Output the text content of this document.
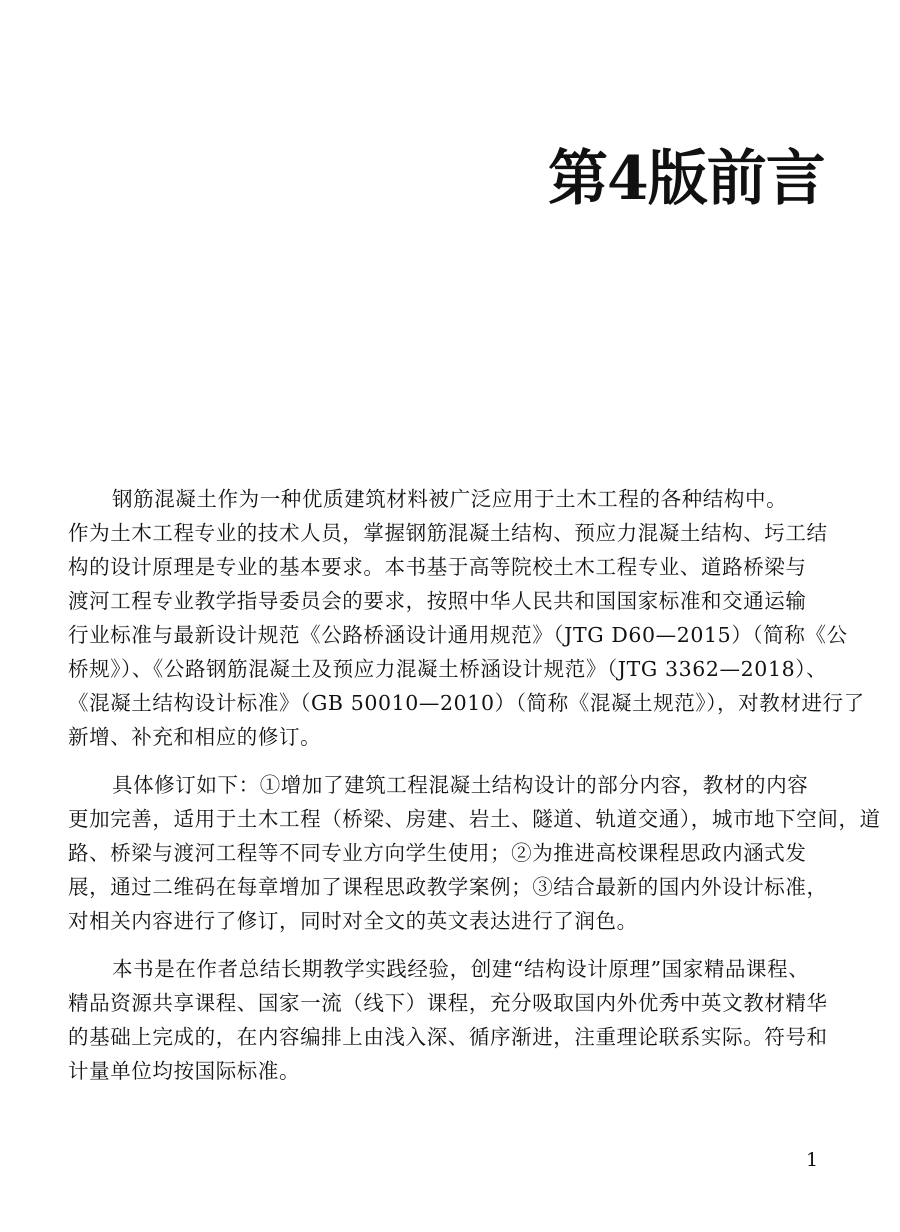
第4版前言

钢筋混凝土作为一种优质建筑材料被广泛应用于土木工程的各种结构中。
作为土木工程专业的技术人员，掌握钢筋混凝土结构、预应力混凝土结构、圬工结
构的设计原理是专业的基本要求。本书基于高等院校土木工程专业、道路桥梁与
渡河工程专业教学指导委员会的要求，按照中华人民共和国国家标准和交通运输
行业标准与最新设计规范《公路桥涵设计通用规范》（JTG D60—2015）（简称《公
桥规》）、《公路钢筋混凝土及预应力混凝土桥涵设计规范》（JTG 3362—2018）、
《混凝土结构设计标准》（GB 50010—2010）（简称《混凝土规范》），对教材进行了
新增、补充和相应的修订。

具体修订如下：①增加了建筑工程混凝土结构设计的部分内容，教材的内容
更加完善，适用于土木工程（桥梁、房建、岩土、隧道、轨道交通），城市地下空间，道
路、桥梁与渡河工程等不同专业方向学生使用；②为推进高校课程思政内涵式发
展，通过二维码在每章增加了课程思政教学案例；③结合最新的国内外设计标准，
对相关内容进行了修订，同时对全文的英文表达进行了润色。

本书是在作者总结长期教学实践经验，创建“结构设计原理”国家精品课程、
精品资源共享课程、国家一流（线下）课程，充分吸取国内外优秀中英文教材精华
的基础上完成的，在内容编排上由浅入深、循序渐进，注重理论联系实际。符号和
计量单位均按国际标准。

1
